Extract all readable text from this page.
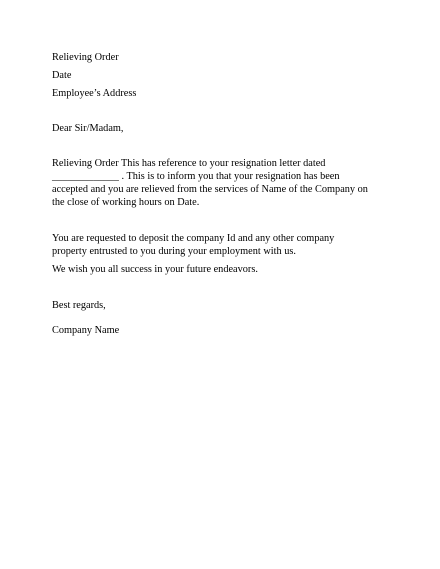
Relieving Order
Date
Employee’s Address
Dear Sir/Madam,
Relieving Order This has reference to your resignation letter dated
_____________ . This is to inform you that your resignation has been
accepted and you are relieved from the services of Name of the Company on
the close of working hours on Date.
You are requested to deposit the company Id and any other company
property entrusted to you during your employment with us.
We wish you all success in your future endeavors.
Best regards,
Company Name
